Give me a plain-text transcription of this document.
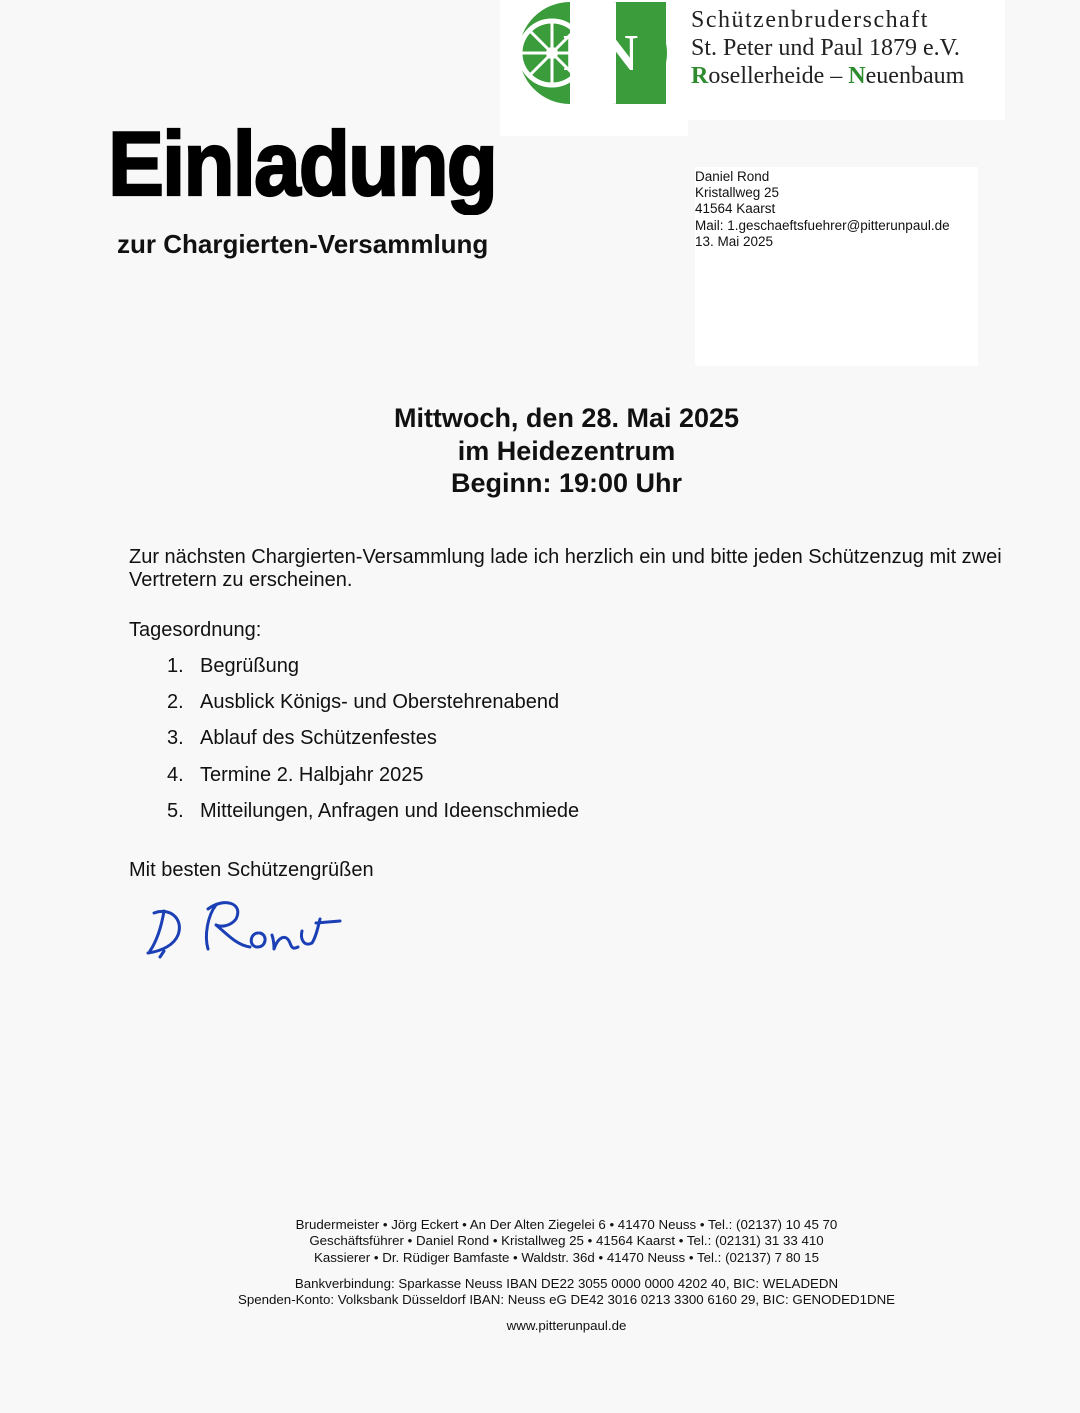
RN
Schützenbruderschaft
St. Peter und Paul 1879 e.V.
Rosellerheide – Neuenbaum
Einladung
zur Chargierten-Versammlung
Daniel Rond
Kristallweg 25
41564 Kaarst
Mail: 1.geschaeftsfuehrer@pitterunpaul.de
13. Mai 2025
Mittwoch, den 28. Mai 2025
im Heidezentrum
Beginn: 19:00 Uhr
Zur nächsten Chargierten-Versammlung lade ich herzlich ein und bitte jeden Schützenzug mit zwei Vertretern zu erscheinen.
Tagesordnung:
1. Begrüßung
2. Ausblick Königs- und Oberstehrenabend
3. Ablauf des Schützenfestes
4. Termine 2. Halbjahr 2025
5. Mitteilungen, Anfragen und Ideenschmiede
Mit besten Schützengrüßen
Brudermeister • Jörg Eckert • An Der Alten Ziegelei 6 • 41470 Neuss • Tel.: (02137) 10 45 70
Geschäftsführer • Daniel Rond • Kristallweg 25 • 41564 Kaarst • Tel.: (02131) 31 33 410
Kassierer • Dr. Rüdiger Bamfaste • Waldstr. 36d • 41470 Neuss • Tel.: (02137) 7 80 15
Bankverbindung: Sparkasse Neuss IBAN DE22 3055 0000 0000 4202 40, BIC: WELADEDN
Spenden-Konto: Volksbank Düsseldorf IBAN: Neuss eG DE42 3016 0213 3300 6160 29, BIC: GENODED1DNE
www.pitterunpaul.de
